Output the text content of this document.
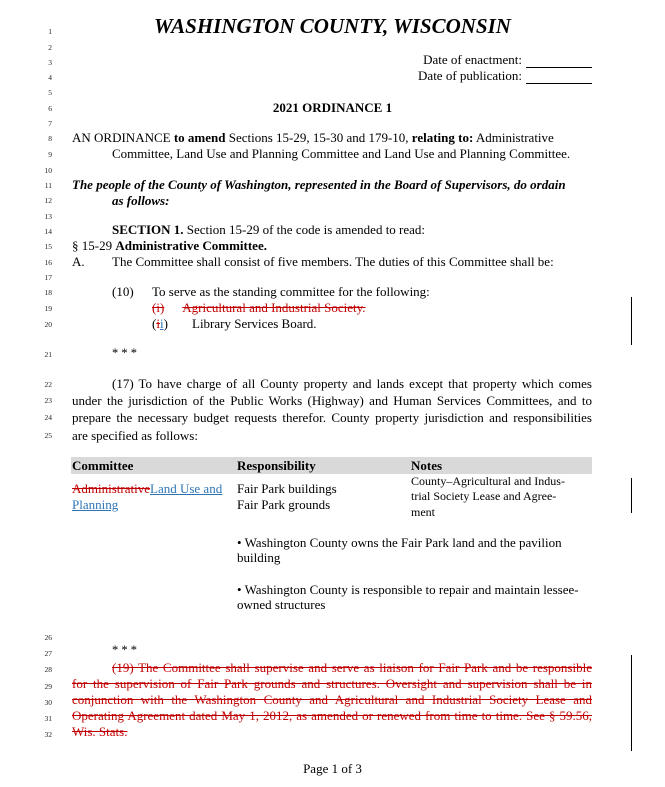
1
2
3
4
5
6
7
8
9
10
11
12
13
14
15
16
17
18
19
20
21
22
23
24
25
26
27
28
29
30
31
32
WASHINGTON COUNTY, WISCONSIN
Date of enactment:
Date of publication:
2021 ORDINANCE 1
AN ORDINANCE to amend Sections 15-29, 15-30 and 179-10, relating to: Administrative
Committee, Land Use and Planning Committee and Land Use and Planning Committee.
The people of the County of Washington, represented in the Board of Supervisors, do ordain
as follows:
SECTION 1. Section 15-29 of the code is amended to read:
§ 15-29 Administrative Committee.
A. The Committee shall consist of five members. The duties of this Committee shall be:
(10) To serve as the standing committee for the following:
(i) Agricultural and Industrial Society.
(ii) Library Services Board.
* * *
(17) To have charge of all County property and lands except that property which comes
under the jurisdiction of the Public Works (Highway) and Human Services Committees, and to
prepare the necessary budget requests therefor. County property jurisdiction and responsibilities
are specified as follows:
Committee	Responsibility	Notes
AdministrativeLand Use and
Planning
Fair Park buildings
Fair Park grounds
County–Agricultural and Indus-
trial Society Lease and Agree-
ment
• Washington County owns the Fair Park land and the pavilion
building
• Washington County is responsible to repair and maintain lessee-
owned structures
* * *
(19) The Committee shall supervise and serve as liaison for Fair Park and be responsible
for the supervision of Fair Park grounds and structures. Oversight and supervision shall be in
conjunction with the Washington County and Agricultural and Industrial Society Lease and
Operating Agreement dated May 1, 2012, as amended or renewed from time to time. See § 59.56,
Wis. Stats.
Page 1 of 3
